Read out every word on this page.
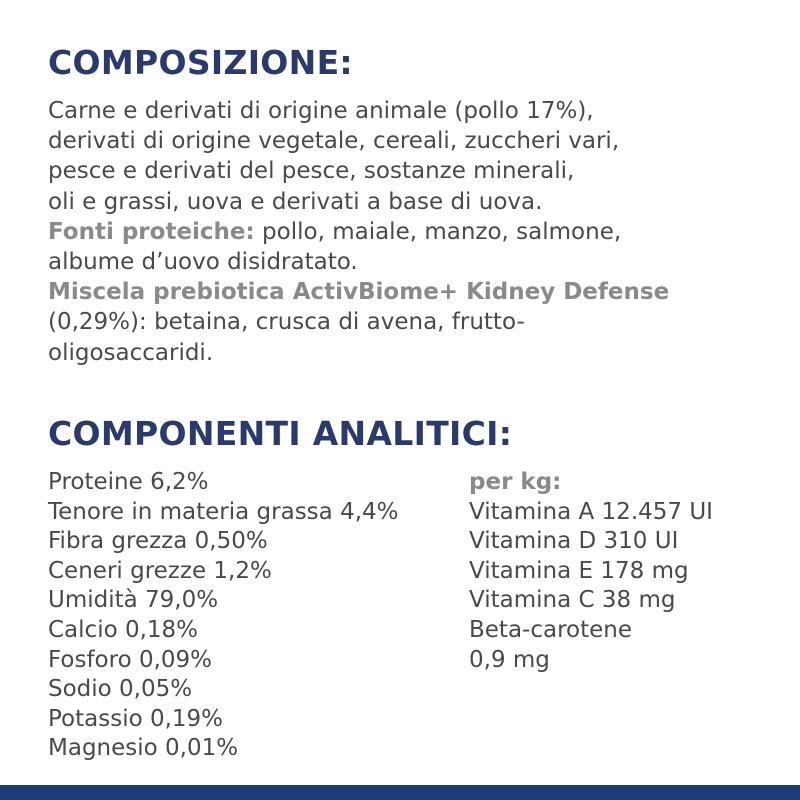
COMPOSIZIONE:
Carne e derivati di origine animale (pollo 17%),
derivati di origine vegetale, cereali, zuccheri vari,
pesce e derivati del pesce, sostanze minerali,
oli e grassi, uova e derivati a base di uova.
Fonti proteiche: pollo, maiale, manzo, salmone,
albume d’uovo disidratato.
Miscela prebiotica ActivBiome+ Kidney Defense
(0,29%): betaina, crusca di avena, frutto-
oligosaccaridi.
COMPONENTI ANALITICI:
Proteine 6,2%
Tenore in materia grassa 4,4%
Fibra grezza 0,50%
Ceneri grezze 1,2%
Umidità 79,0%
Calcio 0,18%
Fosforo 0,09%
Sodio 0,05%
Potassio 0,19%
Magnesio 0,01%
per kg:
Vitamina A 12.457 UI
Vitamina D 310 UI
Vitamina E 178 mg
Vitamina C 38 mg
Beta-carotene
0,9 mg
